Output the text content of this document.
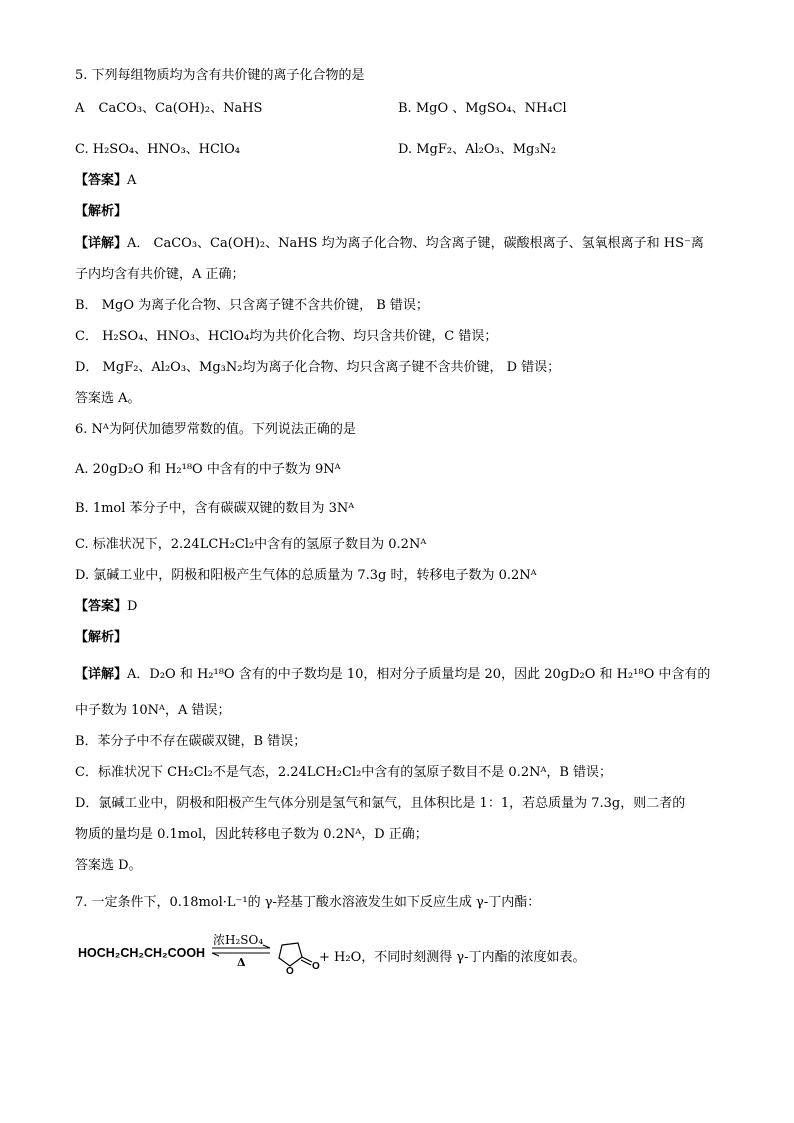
5. 下列每组物质均为含有共价键的离子化合物的是
A CaCO₃、Ca(OH)₂、NaHS	B. MgO 、MgSO₄、NH₄Cl
C. H₂SO₄、HNO₃、HClO₄	D. MgF₂、Al₂O₃、Mg₃N₂
【答案】A
【解析】
【详解】A． CaCO₃、Ca(OH)₂、NaHS 均为离子化合物、均含离子键，碳酸根离子、氢氧根离子和 HS⁻离
子内均含有共价键，A 正确；
B． MgO 为离子化合物、只含离子键不含共价键， B 错误；
C． H₂SO₄、HNO₃、HClO₄均为共价化合物、均只含共价键，C 错误；
D． MgF₂、Al₂O₃、Mg₃N₂均为离子化合物、均只含离子键不含共价键， D 错误；
答案选 A。
6. Nᴬ为阿伏加德罗常数的值。下列说法正确的是
A. 20gD₂O 和 H₂¹⁸O 中含有的中子数为 9Nᴬ
B. 1mol 苯分子中，含有碳碳双键的数目为 3Nᴬ
C. 标准状况下，2.24LCH₂Cl₂中含有的氢原子数目为 0.2Nᴬ
D. 氯碱工业中，阴极和阳极产生气体的总质量为 7.3g 时，转移电子数为 0.2Nᴬ
【答案】D
【解析】
【详解】A．D₂O 和 H₂¹⁸O 含有的中子数均是 10，相对分子质量均是 20，因此 20gD₂O 和 H₂¹⁸O 中含有的
中子数为 10Nᴬ，A 错误；
B．苯分子中不存在碳碳双键，B 错误；
C．标准状况下 CH₂Cl₂不是气态，2.24LCH₂Cl₂中含有的氢原子数目不是 0.2Nᴬ，B 错误；
D．氯碱工业中，阴极和阳极产生气体分别是氢气和氯气，且体积比是 1：1，若总质量为 7.3g，则二者的
物质的量均是 0.1mol，因此转移电子数为 0.2Nᴬ，D 正确；
答案选 D。
7. 一定条件下，0.18mol·L⁻¹的 γ-羟基丁酸水溶液发生如下反应生成 γ-丁内酯：
HOCH₂CH₂CH₂COOH
浓H₂SO₄
Δ	O
O
+ H₂O，不同时刻测得 γ-丁内酯的浓度如表。
